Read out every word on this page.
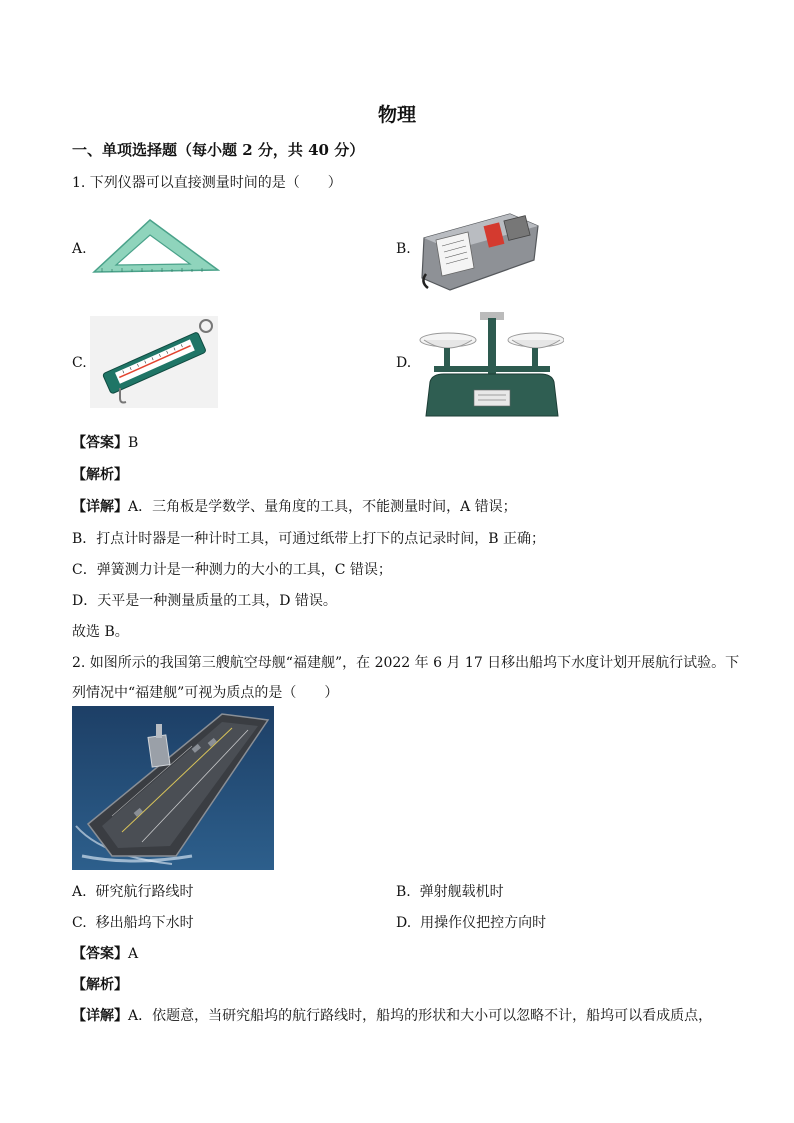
物理
一、单项选择题（每小题 2 分，共 40 分）
1. 下列仪器可以直接测量时间的是（　　）
A.	B.
C.	D.
【答案】B
【解析】
【详解】A．三角板是学数学、量角度的工具，不能测量时间，A 错误；
B．打点计时器是一种计时工具，可通过纸带上打下的点记录时间，B 正确；
C．弹簧测力计是一种测力的大小的工具，C 错误；
D．天平是一种测量质量的工具，D 错误。
故选 B。
2. 如图所示的我国第三艘航空母舰“福建舰”，在 2022 年 6 月 17 日移出船坞下水度计划开展航行试验。下
列情况中“福建舰”可视为质点的是（　　）
A. 研究航行路线时	B. 弹射舰载机时
C. 移出船坞下水时	D. 用操作仪把控方向时
【答案】A
【解析】
【详解】A．依题意，当研究船坞的航行路线时，船坞的形状和大小可以忽略不计，船坞可以看成质点，
